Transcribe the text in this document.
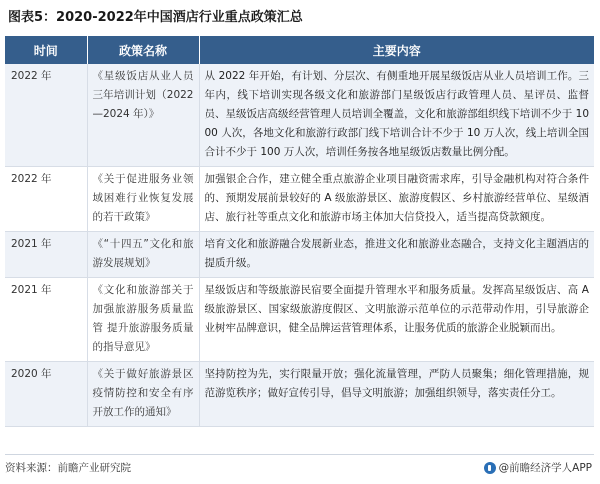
图表5：2020-2022年中国酒店行业重点政策汇总
时间	政策名称	主要内容
2022 年	《星级饭店从业人员三年培训计划（2022—2024 年）》	从 2022 年开始，有计划、分层次、有侧重地开展星级饭店从业人员培训工作。三年内，线下培训实现各级文化和旅游部门星级饭店行政管理人员、星评员、监督员、星级饭店高级经营管理人员培训全覆盖，文化和旅游部组织线下培训不少于 1000 人次，各地文化和旅游行政部门线下培训合计不少于 10 万人次，线上培训全国合计不少于 100 万人次，培训任务按各地星级饭店数量比例分配。
2022 年	《关于促进服务业领域困难行业恢复发展的若干政策》	加强银企合作，建立健全重点旅游企业项目融资需求库，引导金融机构对符合条件的、预期发展前景较好的 A 级旅游景区、旅游度假区、乡村旅游经营单位、星级酒店、旅行社等重点文化和旅游市场主体加大信贷投入，适当提高贷款额度。
2021 年	《“十四五”文化和旅游发展规划》	培育文化和旅游融合发展新业态，推进文化和旅游业态融合，支持文化主题酒店的提质升级。
2021 年	《文化和旅游部关于加强旅游服务质量监管 提升旅游服务质量的指导意见》	星级饭店和等级旅游民宿要全面提升管理水平和服务质量。发挥高星级饭店、高 A 级旅游景区、国家级旅游度假区、文明旅游示范单位的示范带动作用，引导旅游企业树牢品牌意识，健全品牌运营管理体系，让服务优质的旅游企业脱颖而出。
2020 年	《关于做好旅游景区疫情防控和安全有序开放工作的通知》	坚持防控为先，实行限量开放；强化流量管理，严防人员聚集；细化管理措施，规范游览秩序；做好宣传引导，倡导文明旅游；加强组织领导，落实责任分工。
资料来源：前瞻产业研究院	@前瞻经济学人APP
